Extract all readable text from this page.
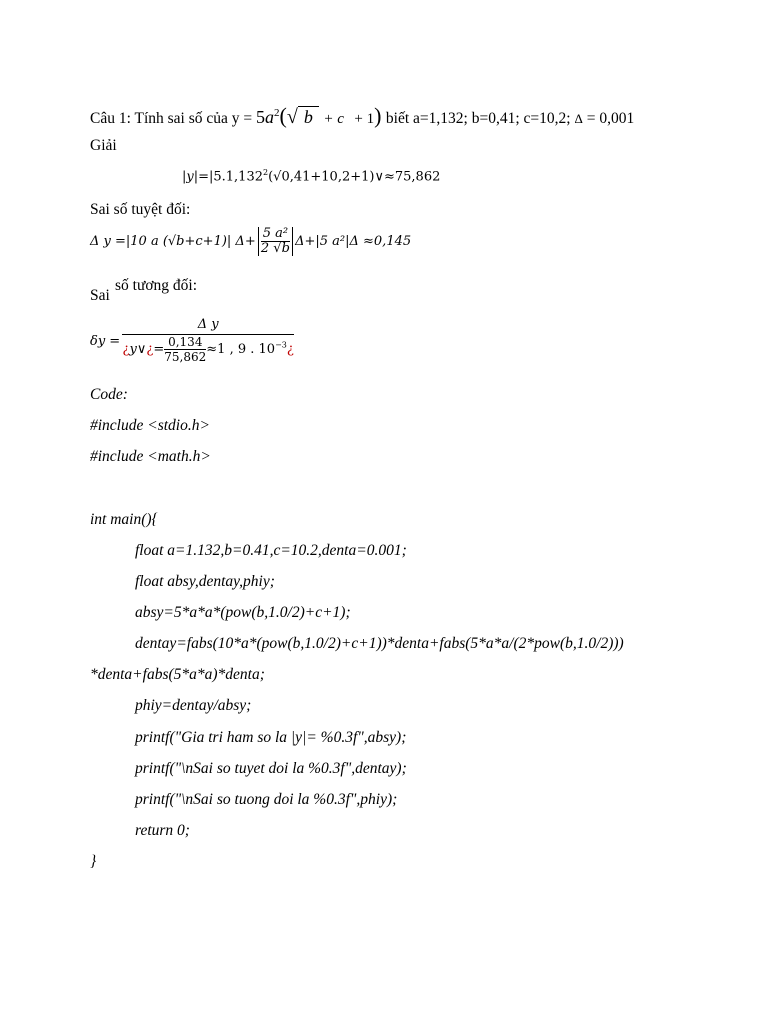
Câu 1: Tính sai số của $y = 5a^2(√$ b + c + 1) biết a=1,132; b=0,41; c=10,2; Δ = 0,001
Giải
$|y|=|5.1,132^2(√0,41+10,2+1)\vee\approx 75,862$
Sai số tuyệt đối:
Δ y = |10 a (√b+c+1)| $\Delta+ \frac{\text{5 a²}}{2 √b} \Delta+|5$ a²|Δ ≈0,145
Sai
số tương đối:
$\delta y = \frac{\text{Δ y}}{¿y\vee¿= \frac{0,134}{75,862} \approx 1 , 9 . 10^{-3}¿}$
Code:
#include <stdio.h>
#include <math.h>
int main(){
float a=1.132,b=0.41,c=10.2,denta=0.001;
float absy,dentay,phiy;
absy=5*a*a*(pow(b,1.0/2)+c+1);
dentay=fabs(10*a*(pow(b,1.0/2)+c+1))*denta+fabs(5*a*a/(2*pow(b,1.0/2)))
*denta+fabs(5*a*a)*denta;
phiy=dentay/absy;
printf("Gia tri ham so la |y|= %0.3f",absy);
printf("\nSai so tuyet doi la %0.3f",dentay);
printf("\nSai so tuong doi la %0.3f",phiy);
return 0;
}
